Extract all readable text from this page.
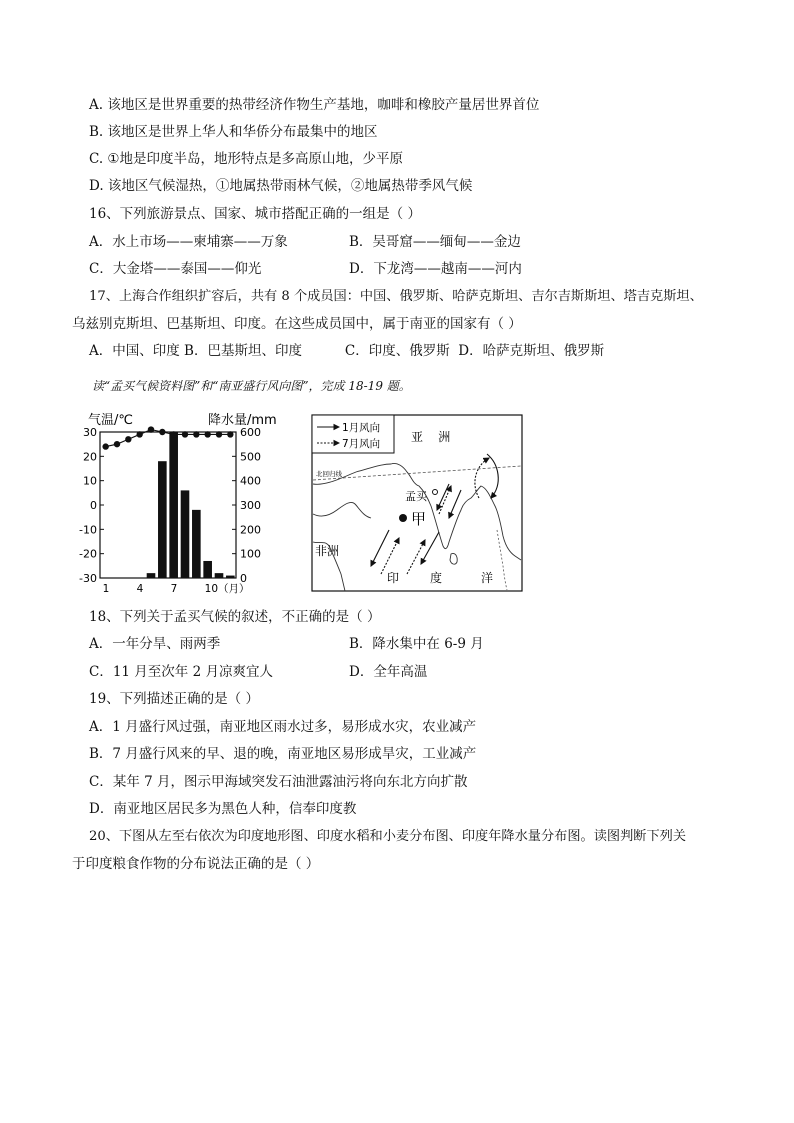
A. 该地区是世界重要的热带经济作物生产基地，咖啡和橡胶产量居世界首位
B. 该地区是世界上华人和华侨分布最集中的地区
C. ①地是印度半岛，地形特点是多高原山地，少平原
D. 该地区气候湿热，①地属热带雨林气候，②地属热带季风气候
16、下列旅游景点、国家、城市搭配正确的一组是（ ）
A．水上市场——柬埔寨——万象	B．吴哥窟——缅甸——金边
C．大金塔——泰国——仰光	D．下龙湾——越南——河内
17、上海合作组织扩容后，共有 8 个成员国：中国、俄罗斯、哈萨克斯坦、吉尔吉斯斯坦、塔吉克斯坦、
乌兹别克斯坦、巴基斯坦、印度。在这些成员国中，属于南亚的国家有（ ）
A．中国、印度 B．巴基斯坦、印度          C．印度、俄罗斯  D．哈萨克斯坦、俄罗斯
读“孟买气候资料图”和“南亚盛行风向图”，完成 18-19 题。
气温/℃	降水量/mm
30
20
10
0
-10
-20
-30
600
500
400
300
200
100
0
1	4	7	10（月）
北回归线
1月风向
7月风向	亚    洲
非洲
印	度	洋
孟买
甲
18、下列关于孟买气候的叙述，不正确的是（ ）
A．一年分旱、雨两季	B．降水集中在 6-9 月
C．11 月至次年 2 月凉爽宜人	D．全年高温
19、下列描述正确的是（ ）
A．1 月盛行风过强，南亚地区雨水过多，易形成水灾，农业减产
B．7 月盛行风来的早、退的晚，南亚地区易形成旱灾，工业减产
C．某年 7 月，图示甲海域突发石油泄露油污将向东北方向扩散
D．南亚地区居民多为黑色人种，信奉印度教
20、下图从左至右依次为印度地形图、印度水稻和小麦分布图、印度年降水量分布图。读图判断下列关
于印度粮食作物的分布说法正确的是（ ）
